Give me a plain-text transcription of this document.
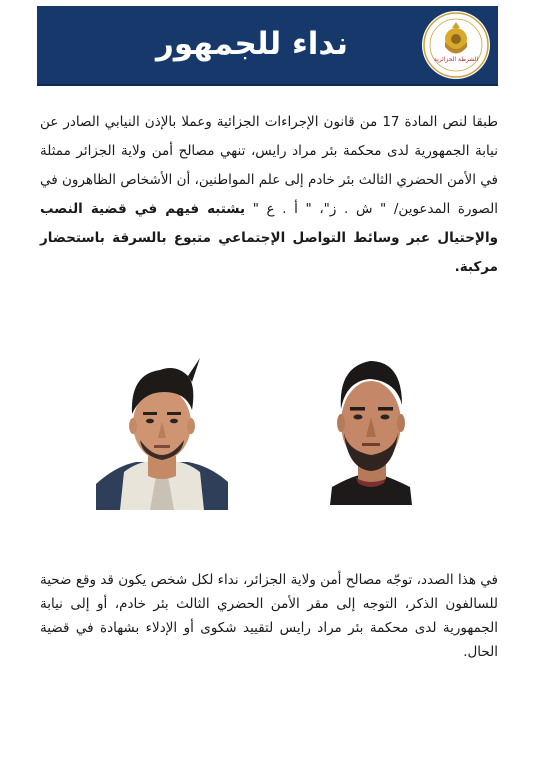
نداء للجمهور	الشرطة الجزائرية
طبقا لنص المادة 17 من قانون الإجراءات الجزائية وعملا بالإذن النيابي الصادر عن نيابة الجمهورية لدى محكمة بئر مراد رايس، تنهي مصالح أمن ولاية الجزائر ممثلة في الأمن الحضري الثالث بئر خادم إلى علم المواطنين، أن الأشخاص الظاهرون في الصورة المدعوين/ " ش . ز"، " أ . ع " يشتبه فيهم في قضية النصب والإحتيال عبر وسائط التواصل الإجتماعي متبوع بالسرقة باستحضار مركبة.
في هذا الصدد، توجّه مصالح أمن ولاية الجزائر، نداء لكل شخص يكون قد وقع ضحية للسالفون الذكر، التوجه إلى مقر الأمن الحضري الثالث بئر خادم، أو إلى نيابة الجمهورية لدى محكمة بئر مراد رايس لتقييد شكوى أو الإدلاء بشهادة في قضية الحال.
